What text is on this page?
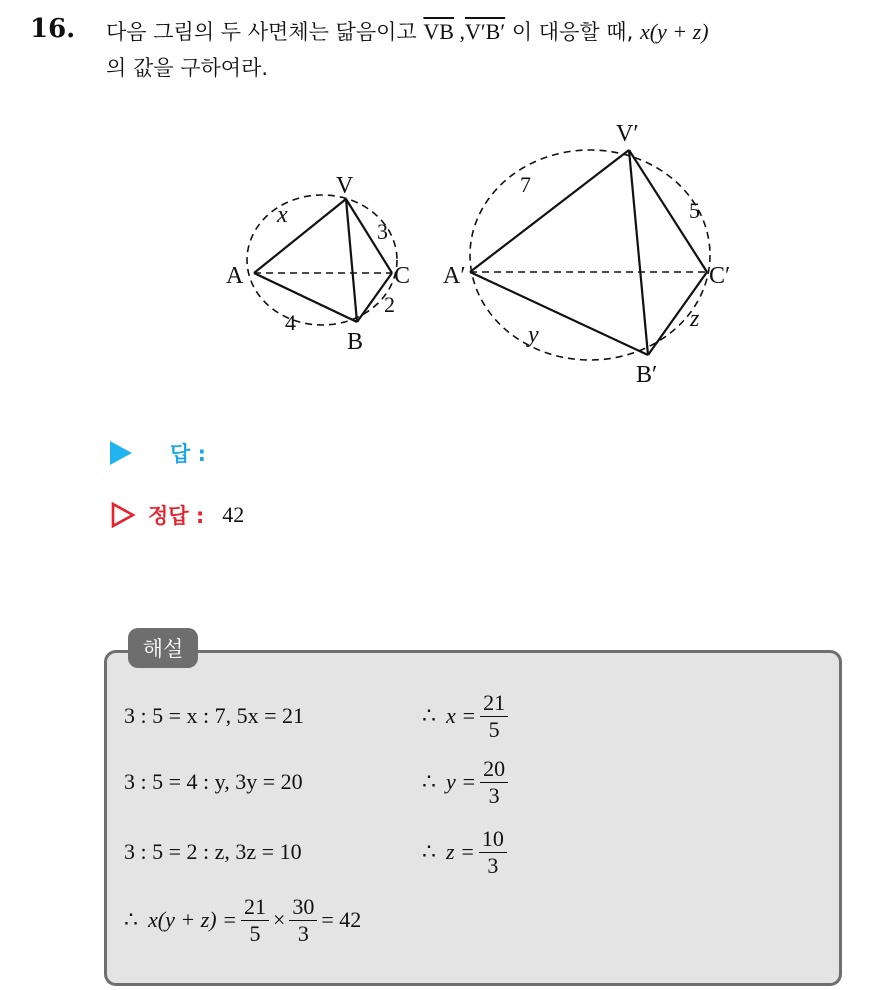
16. 다음 그림의 두 사면체는 닮음이고 $\overline{VB}$ ,V′B′ 이 대응할 때, x(y + z)
의 값을 구하여라.
V
A
B
C
x
3
4
2
V′
A′
B′
C′
7
5
y
z
답 :
정답 : 42
해설
3 : 5 = x : 7, 5x = 21	∴ $x = \frac{21}{5}$
3 : 5 = 4 : y, 3y = 20	∴ $y = \frac{20}{3}$
3 : 5 = 2 : z, 3z = 10	∴ $z = \frac{10}{3}$
∴ $x(y + z) = \frac{21}{5} \times \frac{30}{3} = 42$
